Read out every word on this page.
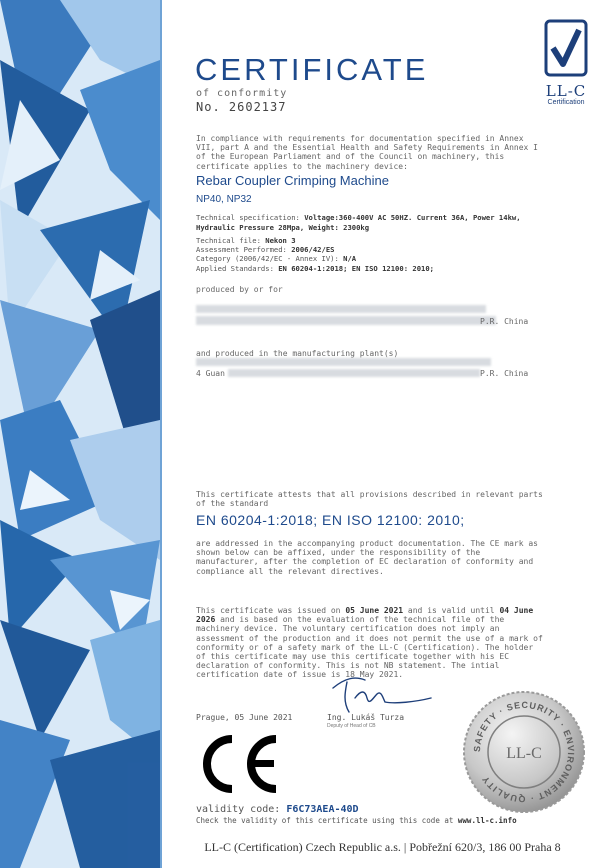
LL-C
Certification
CERTIFICATE
of conformity
No. 2602137
In compliance with requirements for documentation specified in Annex VII, part A and the Essential Health and Safety Requirements in Annex I of the European Parliament and of the Council on machinery, this certificate applies to the machinery device:
Rebar Coupler Crimping Machine
NP40, NP32
Technical specification: Voltage:360-400V AC 50HZ. Current 36A, Power 14kw, Hydraulic Pressure 28Mpa, Weight: 2300kg
Technical file: Nekon 3
Assessment Performed: 2006/42/ES
Category (2006/42/EC - Annex IV): N/A
Applied Standards: EN 60204-1:2018; EN ISO 12100: 2010;
produced by or for
P.R. China
and produced in the manufacturing plant(s)
4 Guan	P.R. China
This certificate attests that all provisions described in relevant parts of the standard
EN 60204-1:2018; EN ISO 12100: 2010;
are addressed in the accompanying product documentation. The CE mark as shown below can be affixed, under the responsibility of the manufacturer, after the completion of EC declaration of conformity and compliance all the relevant directives.
This certificate was issued on 05 June 2021 and is valid until 04 June 2026 and is based on the evaluation of the technical file of the machinery device. The voluntary certification does not imply an assessment of the production and it does not permit the use of a mark of conformity or of a safety mark of the LL-C (Certification). The holder of this certificate may use this certificate together with his EC declaration of conformity. This is not NB statement. The intial certification date of issue is 18 May 2021.
Prague, 05 June 2021	Ing. Lukáš Turza
Deputy of Head of CB
SAFETY · SECURITY · ENVIRONMENT · QUALITY
LL-C
validity code: F6C73AEA-40D
Check the validity of this certificate using this code at www.ll-c.info
LL-C (Certification) Czech Republic a.s. | Pobřežní 620/3, 186 00 Praha 8
